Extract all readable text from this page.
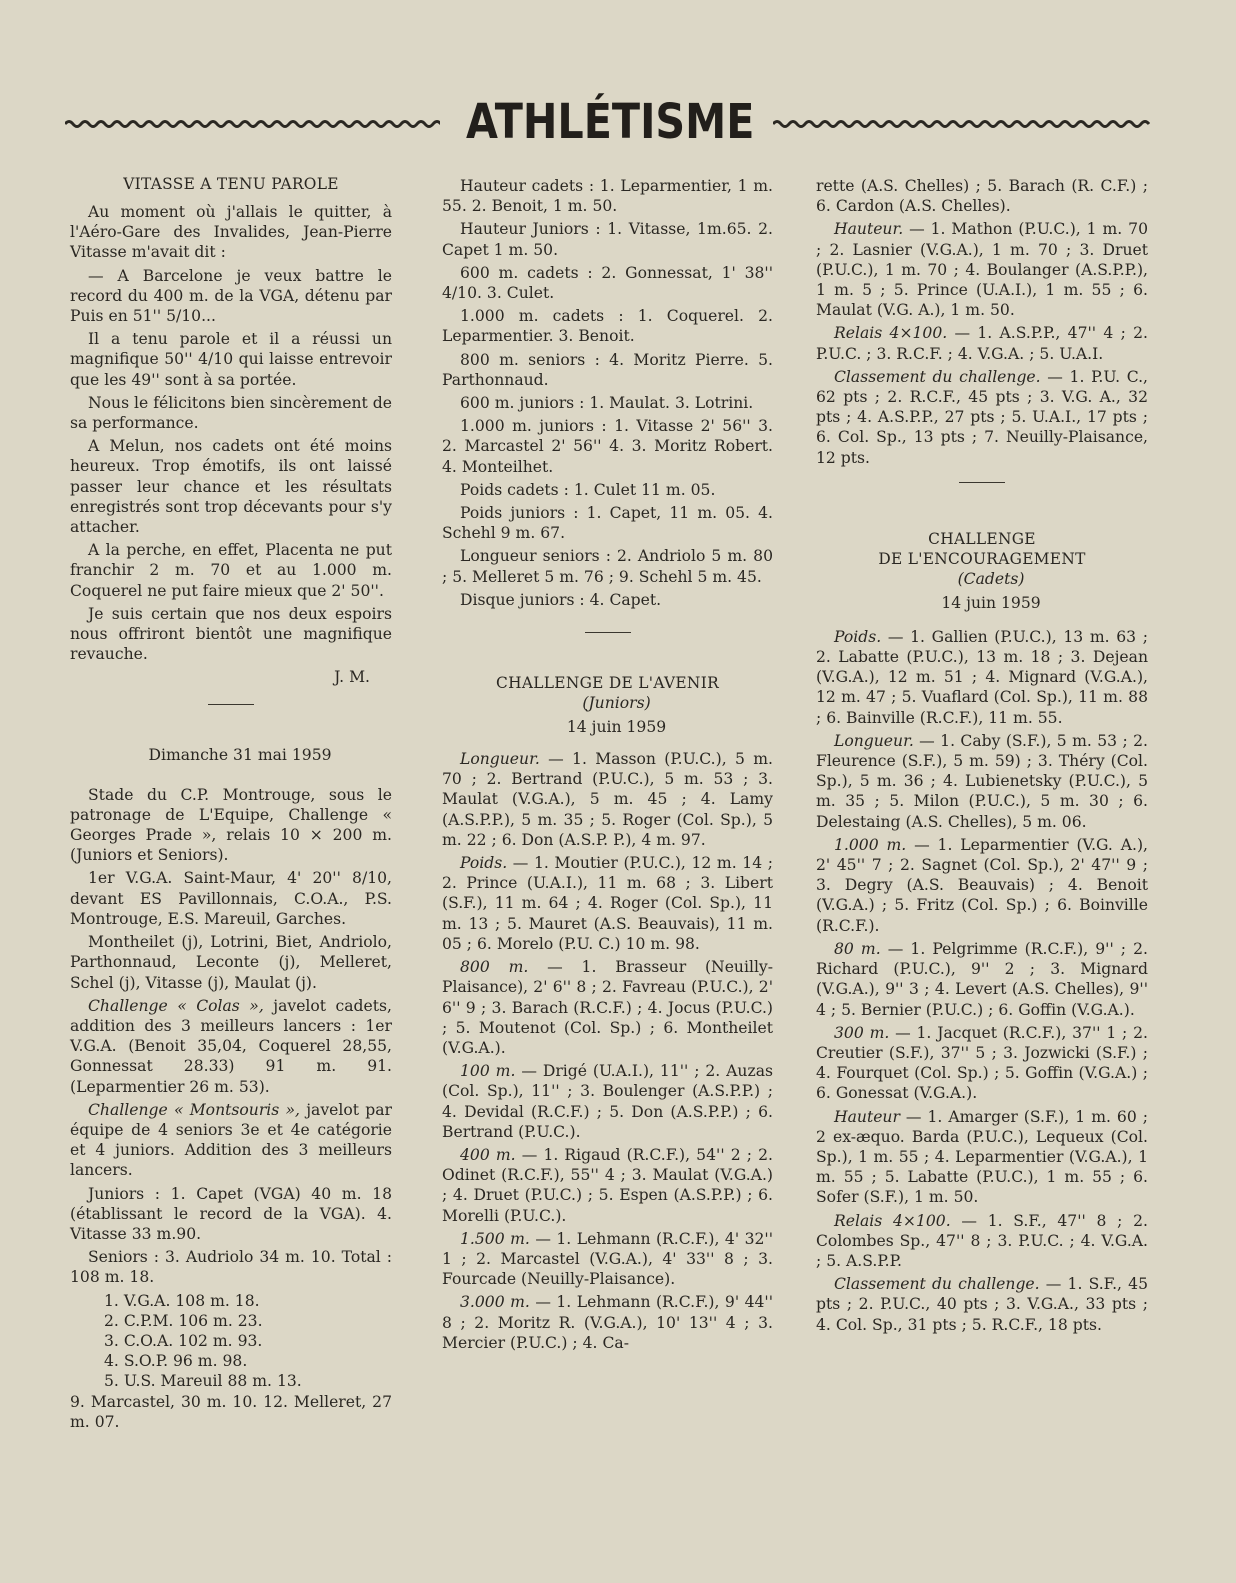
ATHLÉTISME
VITASSE A TENU PAROLE

Au moment où j'allais le quitter, à l'Aéro-Gare des Invalides, Jean-Pierre Vitasse m'avait dit :

— A Barcelone je veux battre le record du 400 m. de la VGA, détenu par Puis en 51'' 5/10...

Il a tenu parole et il a réussi un magnifique 50'' 4/10 qui laisse entrevoir que les 49'' sont à sa portée.

Nous le félicitons bien sincèrement de sa performance.

A Melun, nos cadets ont été moins heureux. Trop émotifs, ils ont laissé passer leur chance et les résultats enregistrés sont trop décevants pour s'y attacher.

A la perche, en effet, Placenta ne put franchir 2 m. 70 et au 1.000 m. Coquerel ne put faire mieux que 2' 50''.

Je suis certain que nos deux espoirs nous offriront bientôt une magnifique revauche.

J. M.

Dimanche 31 mai 1959

Stade du C.P. Montrouge, sous le patronage de L'Equipe, Challenge « Georges Prade », relais 10 × 200 m. (Juniors et Seniors).

1er V.G.A. Saint-Maur, 4' 20'' 8/10, devant ES Pavillonnais, C.O.A., P.S. Montrouge, E.S. Mareuil, Garches.

Montheilet (j), Lotrini, Biet, Andriolo, Parthonnaud, Leconte (j), Melleret, Schel (j), Vitasse (j), Maulat (j).

Challenge « Colas », javelot cadets, addition des 3 meilleurs lancers : 1er V.G.A. (Benoit 35,04, Coquerel 28,55, Gonnessat 28.33) 91 m. 91. (Leparmentier 26 m. 53).

Challenge « Montsouris », javelot par équipe de 4 seniors 3e et 4e catégorie et 4 juniors. Addition des 3 meilleurs lancers.

Juniors : 1. Capet (VGA) 40 m. 18 (établissant le record de la VGA). 4. Vitasse 33 m.90.

Seniors : 3. Audriolo 34 m. 10. Total : 108 m. 18.

1. V.G.A. 108 m. 18.
2. C.P.M. 106 m. 23.
3. C.O.A. 102 m. 93.
4. S.O.P. 96 m. 98.
5. U.S. Mareuil 88 m. 13.

9. Marcastel, 30 m. 10. 12. Melleret, 27 m. 07.

Hauteur cadets : 1. Leparmentier, 1 m. 55. 2. Benoit, 1 m. 50.

Hauteur Juniors : 1. Vitasse, 1m.65. 2. Capet 1 m. 50.

600 m. cadets : 2. Gonnessat, 1' 38'' 4/10. 3. Culet.

1.000 m. cadets : 1. Coquerel. 2. Leparmentier. 3. Benoit.

800 m. seniors : 4. Moritz Pierre. 5. Parthonnaud.

600 m. juniors : 1. Maulat. 3. Lotrini.

1.000 m. juniors : 1. Vitasse 2' 56'' 3. 2. Marcastel 2' 56'' 4. 3. Moritz Robert. 4. Monteilhet.

Poids cadets : 1. Culet 11 m. 05.

Poids juniors : 1. Capet, 11 m. 05. 4. Schehl 9 m. 67.

Longueur seniors : 2. Andriolo 5 m. 80 ; 5. Melleret 5 m. 76 ; 9. Schehl 5 m. 45.

Disque juniors : 4. Capet.

CHALLENGE DE L'AVENIR

(Juniors)

14 juin 1959

Longueur. — 1. Masson (P.U.C.), 5 m. 70 ; 2. Bertrand (P.U.C.), 5 m. 53 ; 3. Maulat (V.G.A.), 5 m. 45 ; 4. Lamy (A.S.P.P.), 5 m. 35 ; 5. Roger (Col. Sp.), 5 m. 22 ; 6. Don (A.S.P. P.), 4 m. 97.

Poids. — 1. Moutier (P.U.C.), 12 m. 14 ; 2. Prince (U.A.I.), 11 m. 68 ; 3. Libert (S.F.), 11 m. 64 ; 4. Roger (Col. Sp.), 11 m. 13 ; 5. Mauret (A.S. Beauvais), 11 m. 05 ; 6. Morelo (P.U. C.) 10 m. 98.

800 m. — 1. Brasseur (Neuilly-Plaisance), 2' 6'' 8 ; 2. Favreau (P.U.C.), 2' 6'' 9 ; 3. Barach (R.C.F.) ; 4. Jocus (P.U.C.) ; 5. Moutenot (Col. Sp.) ; 6. Montheilet (V.G.A.).

100 m. — Drigé (U.A.I.), 11'' ; 2. Auzas (Col. Sp.), 11'' ; 3. Boulenger (A.S.P.P.) ; 4. Devidal (R.C.F.) ; 5. Don (A.S.P.P.) ; 6. Bertrand (P.U.C.).

400 m. — 1. Rigaud (R.C.F.), 54'' 2 ; 2. Odinet (R.C.F.), 55'' 4 ; 3. Maulat (V.G.A.) ; 4. Druet (P.U.C.) ; 5. Espen (A.S.P.P.) ; 6. Morelli (P.U.C.).

1.500 m. — 1. Lehmann (R.C.F.), 4' 32'' 1 ; 2. Marcastel (V.G.A.), 4' 33'' 8 ; 3. Fourcade (Neuilly-Plaisance).

3.000 m. — 1. Lehmann (R.C.F.), 9' 44'' 8 ; 2. Moritz R. (V.G.A.), 10' 13'' 4 ; 3. Mercier (P.U.C.) ; 4. Ca-

rette (A.S. Chelles) ; 5. Barach (R. C.F.) ; 6. Cardon (A.S. Chelles).

Hauteur. — 1. Mathon (P.U.C.), 1 m. 70 ; 2. Lasnier (V.G.A.), 1 m. 70 ; 3. Druet (P.U.C.), 1 m. 70 ; 4. Boulanger (A.S.P.P.), 1 m. 5 ; 5. Prince (U.A.I.), 1 m. 55 ; 6. Maulat (V.G. A.), 1 m. 50.

Relais 4×100. — 1. A.S.P.P., 47'' 4 ; 2. P.U.C. ; 3. R.C.F. ; 4. V.G.A. ; 5. U.A.I.

Classement du challenge. — 1. P.U. C., 62 pts ; 2. R.C.F., 45 pts ; 3. V.G. A., 32 pts ; 4. A.S.P.P., 27 pts ; 5. U.A.I., 17 pts ; 6. Col. Sp., 13 pts ; 7. Neuilly-Plaisance, 12 pts.

CHALLENGE
DE L'ENCOURAGEMENT

(Cadets)

14 juin 1959

Poids. — 1. Gallien (P.U.C.), 13 m. 63 ; 2. Labatte (P.U.C.), 13 m. 18 ; 3. Dejean (V.G.A.), 12 m. 51 ; 4. Mignard (V.G.A.), 12 m. 47 ; 5. Vuaflard (Col. Sp.), 11 m. 88 ; 6. Bainville (R.C.F.), 11 m. 55.

Longueur. — 1. Caby (S.F.), 5 m. 53 ; 2. Fleurence (S.F.), 5 m. 59) ; 3. Théry (Col. Sp.), 5 m. 36 ; 4. Lubienetsky (P.U.C.), 5 m. 35 ; 5. Milon (P.U.C.), 5 m. 30 ; 6. Delestaing (A.S. Chelles), 5 m. 06.

1.000 m. — 1. Leparmentier (V.G. A.), 2' 45'' 7 ; 2. Sagnet (Col. Sp.), 2' 47'' 9 ; 3. Degry (A.S. Beauvais) ; 4. Benoit (V.G.A.) ; 5. Fritz (Col. Sp.) ; 6. Boinville (R.C.F.).

80 m. — 1. Pelgrimme (R.C.F.), 9'' ; 2. Richard (P.U.C.), 9'' 2 ; 3. Mignard (V.G.A.), 9'' 3 ; 4. Levert (A.S. Chelles), 9'' 4 ; 5. Bernier (P.U.C.) ; 6. Goffin (V.G.A.).

300 m. — 1. Jacquet (R.C.F.), 37'' 1 ; 2. Creutier (S.F.), 37'' 5 ; 3. Jozwicki (S.F.) ; 4. Fourquet (Col. Sp.) ; 5. Goffin (V.G.A.) ; 6. Gonessat (V.G.A.).

Hauteur — 1. Amarger (S.F.), 1 m. 60 ; 2 ex-æquo. Barda (P.U.C.), Lequeux (Col. Sp.), 1 m. 55 ; 4. Leparmentier (V.G.A.), 1 m. 55 ; 5. Labatte (P.U.C.), 1 m. 55 ; 6. Sofer (S.F.), 1 m. 50.

Relais 4×100. — 1. S.F., 47'' 8 ; 2. Colombes Sp., 47'' 8 ; 3. P.U.C. ; 4. V.G.A. ; 5. A.S.P.P.

Classement du challenge. — 1. S.F., 45 pts ; 2. P.U.C., 40 pts ; 3. V.G.A., 33 pts ; 4. Col. Sp., 31 pts ; 5. R.C.F., 18 pts.
